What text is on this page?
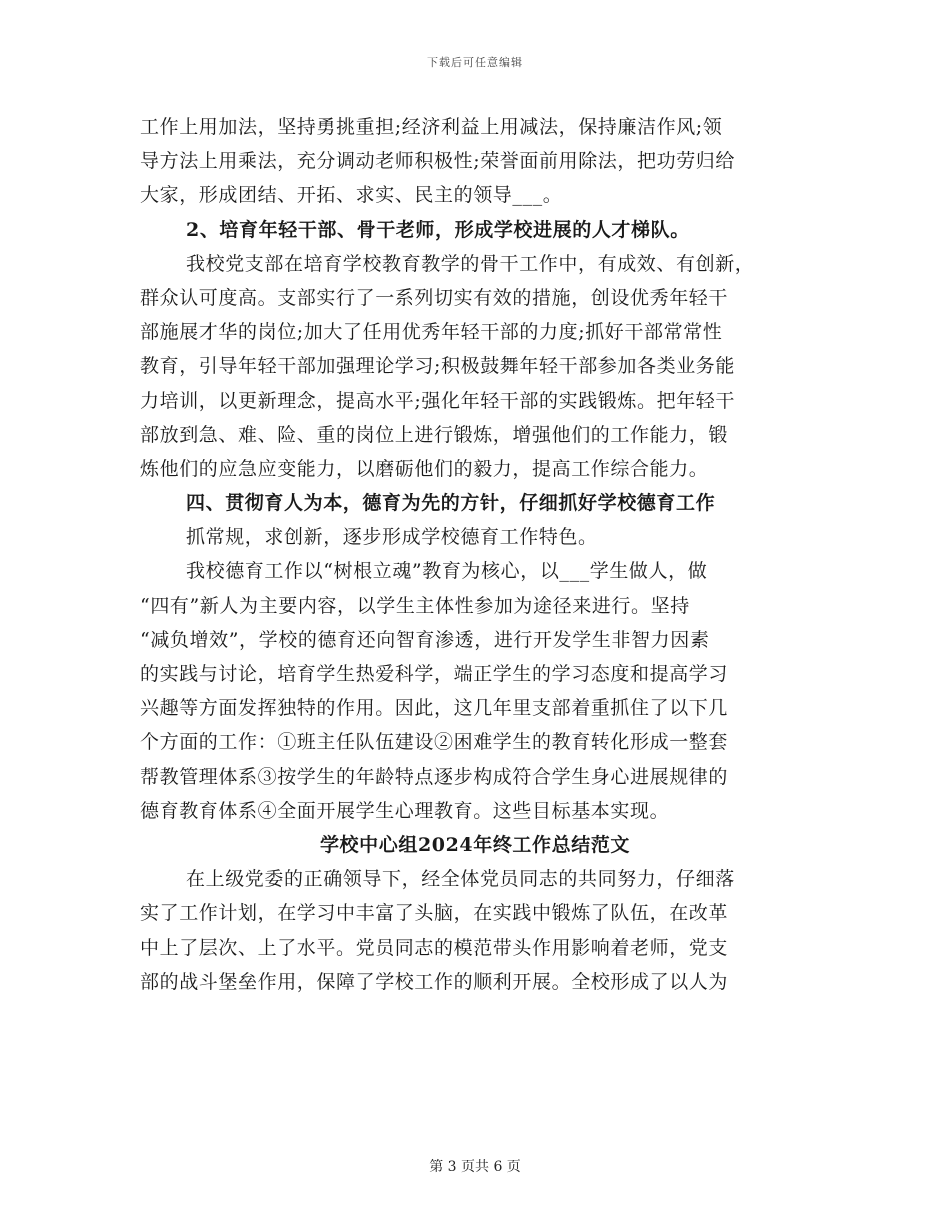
下载后可任意编辑
工作上用加法，坚持勇挑重担;经济利益上用减法，保持廉洁作风;领
导方法上用乘法，充分调动老师积极性;荣誉面前用除法，把功劳归给
大家，形成团结、开拓、求实、民主的领导___。
2、培育年轻干部、骨干老师，形成学校进展的人才梯队。
我校党支部在培育学校教育教学的骨干工作中，有成效、有创新，
群众认可度高。支部实行了一系列切实有效的措施，创设优秀年轻干
部施展才华的岗位;加大了任用优秀年轻干部的力度;抓好干部常常性
教育，引导年轻干部加强理论学习;积极鼓舞年轻干部参加各类业务能
力培训，以更新理念，提高水平;强化年轻干部的实践锻炼。把年轻干
部放到急、难、险、重的岗位上进行锻炼，增强他们的工作能力，锻
炼他们的应急应变能力，以磨砺他们的毅力，提高工作综合能力。
四、贯彻育人为本，德育为先的方针，仔细抓好学校德育工作
抓常规，求创新，逐步形成学校德育工作特色。
我校德育工作以“树根立魂”教育为核心，以___学生做人，做
“四有”新人为主要内容，以学生主体性参加为途径来进行。坚持
“减负增效”，学校的德育还向智育渗透，进行开发学生非智力因素
的实践与讨论，培育学生热爱科学，端正学生的学习态度和提高学习
兴趣等方面发挥独特的作用。因此，这几年里支部着重抓住了以下几
个方面的工作：①班主任队伍建设②困难学生的教育转化形成一整套
帮教管理体系③按学生的年龄特点逐步构成符合学生身心进展规律的
德育教育体系④全面开展学生心理教育。这些目标基本实现。
学校中心组2024年终工作总结范文
在上级党委的正确领导下，经全体党员同志的共同努力，仔细落
实了工作计划，在学习中丰富了头脑，在实践中锻炼了队伍，在改革
中上了层次、上了水平。党员同志的模范带头作用影响着老师，党支
部的战斗堡垒作用，保障了学校工作的顺利开展。全校形成了以人为
第 3 页共 6 页
